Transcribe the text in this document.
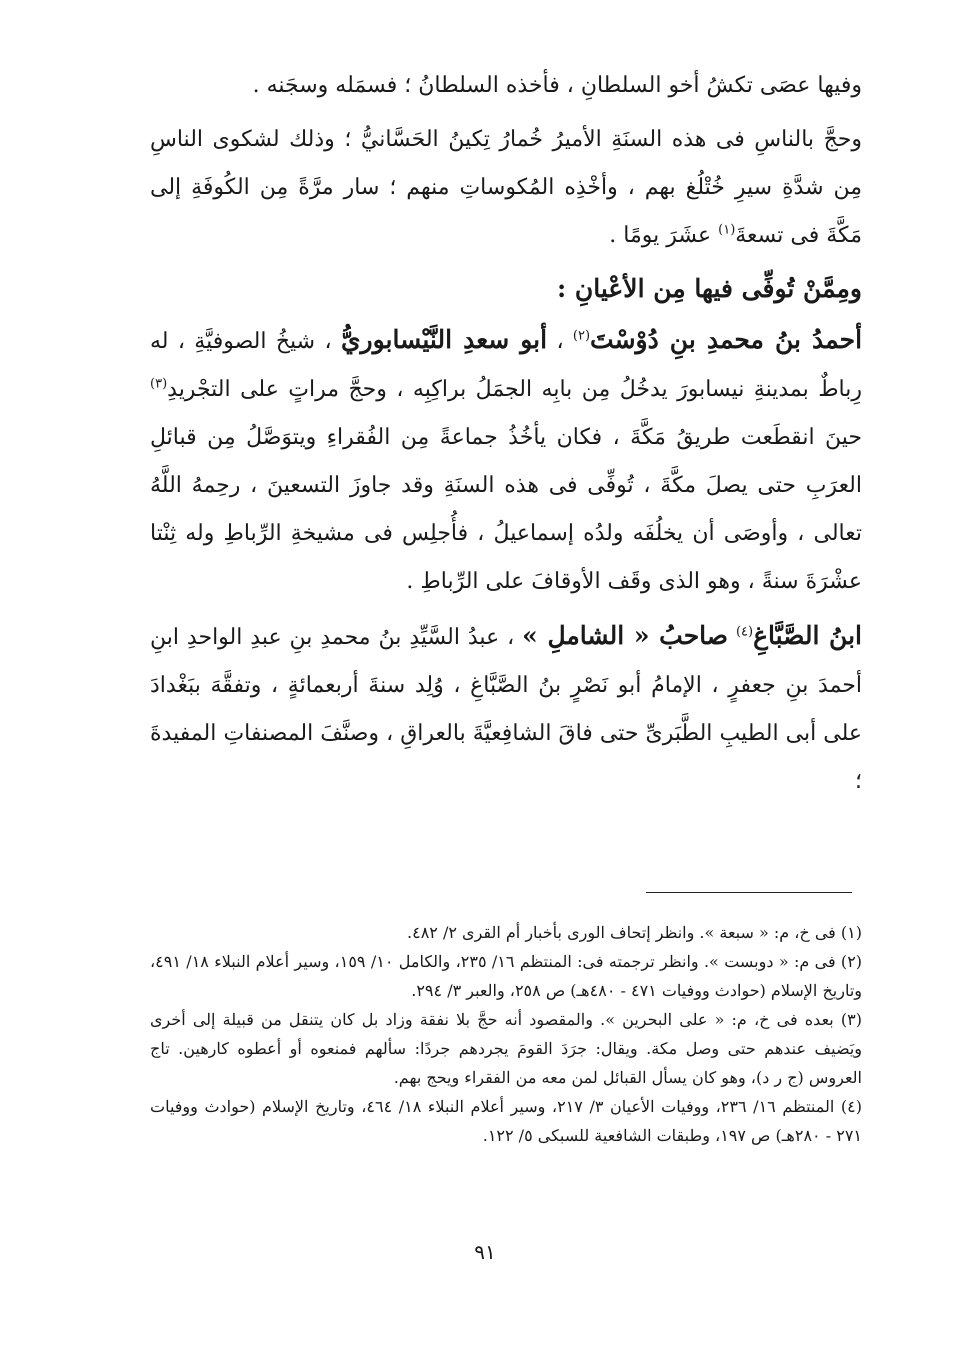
وفيها عصَى تكشُ أخو السلطانِ ، فأخذه السلطانُ ؛ فسمَله وسجَنه .

وحجَّ بالناسِ فى هذه السنَةِ الأميرُ خُمارُ تِكينُ الحَسَّانيُّ ؛ وذلك لشكوى الناسِ مِن شدَّةِ سيرِ خُتْلُغ بهم ، وأخْذِه المُكوساتِ منهم ؛ سار مرَّةً مِن الكُوفَةِ إلى مَكَّةَ فى تسعةَ$^{(١)}$ عشَرَ يومًا .

ومِمَّنْ تُوفِّى فيها مِن الأعْيانِ :

أحمدُ بنُ محمدِ بنِ دُوْسْتَ$^{(٢)}$ ، أبو سعدِ النَّيْسابوريُّ ، شيخُ الصوفيَّةِ ، له رِباطٌ بمدينةِ نيسابورَ يدخُلُ مِن بابِه الجمَلُ براكِبِه ، وحجَّ مراتٍ على التجْريدِ$^{(٣)}$ حينَ انقطَعت طريقُ مَكَّةَ ، فكان يأخُذُ جماعةً مِن الفُقراءِ ويتوَصَّلُ مِن قبائلِ العرَبِ حتى يصلَ مكَّةَ ، تُوفِّى فى هذه السنَةِ وقد جاوزَ التسعينَ ، رحِمهُ اللَّهُ تعالى ، وأوصَى أن يخلُفَه ولدُه إسماعيلُ ، فأُجلِس فى مشيخةِ الرِّباطِ وله ثِنْتا عشْرَةَ سنةً ، وهو الذى وقَف الأوقافَ على الرِّباطِ .

ابنُ الصَّبَّاغِ$^{(٤)}$ صاحبُ « الشاملِ » ، عبدُ السَّيِّدِ بنُ محمدِ بنِ عبدِ الواحدِ ابنِ أحمدَ بنِ جعفرٍ ، الإمامُ أبو نَصْرٍ بنُ الصَّبَّاغِ ، وُلِد سنةَ أربعمائةٍ ، وتفقَّهَ ببَغْدادَ على أبى الطيبِ الطَّبَرىِّ حتى فاقَ الشافِعيَّةَ بالعراقِ ، وصنَّفَ المصنفاتِ المفيدةَ ؛

(١) فى خ، م: « سبعة ». وانظر إتحاف الورى بأخبار أم القرى ٢/ ٤٨٢.

(٢) فى م: « دوبست ». وانظر ترجمته فى: المنتظم ١٦/ ٢٣٥، والكامل ١٠/ ١٥٩، وسير أعلام النبلاء ١٨/ ٤٩١، وتاريخ الإسلام (حوادث ووفيات ٤٧١ - ٤٨٠هـ) ص ٢٥٨، والعبر ٣/ ٢٩٤.

(٣) بعده فى خ، م: « على البحرين ». والمقصود أنه حجَّ بلا نفقة وزاد بل كان يتنقل من قبيلة إلى أخرى ويَضيف عندهم حتى وصل مكة. ويقال: جرَدَ القومَ يجردهم جردًا: سألهم فمنعوه أو أعطوه كارهين. تاج العروس (ج ر د)، وهو كان يسأل القبائل لمن معه من الفقراء ويحج بهم.

(٤) المنتظم ١٦/ ٢٣٦، ووفيات الأعيان ٣/ ٢١٧، وسير أعلام النبلاء ١٨/ ٤٦٤، وتاريخ الإسلام (حوادث ووفيات ٢٧١ - ٢٨٠هـ) ص ١٩٧، وطبقات الشافعية للسبكى ٥/ ١٢٢.

٩١
